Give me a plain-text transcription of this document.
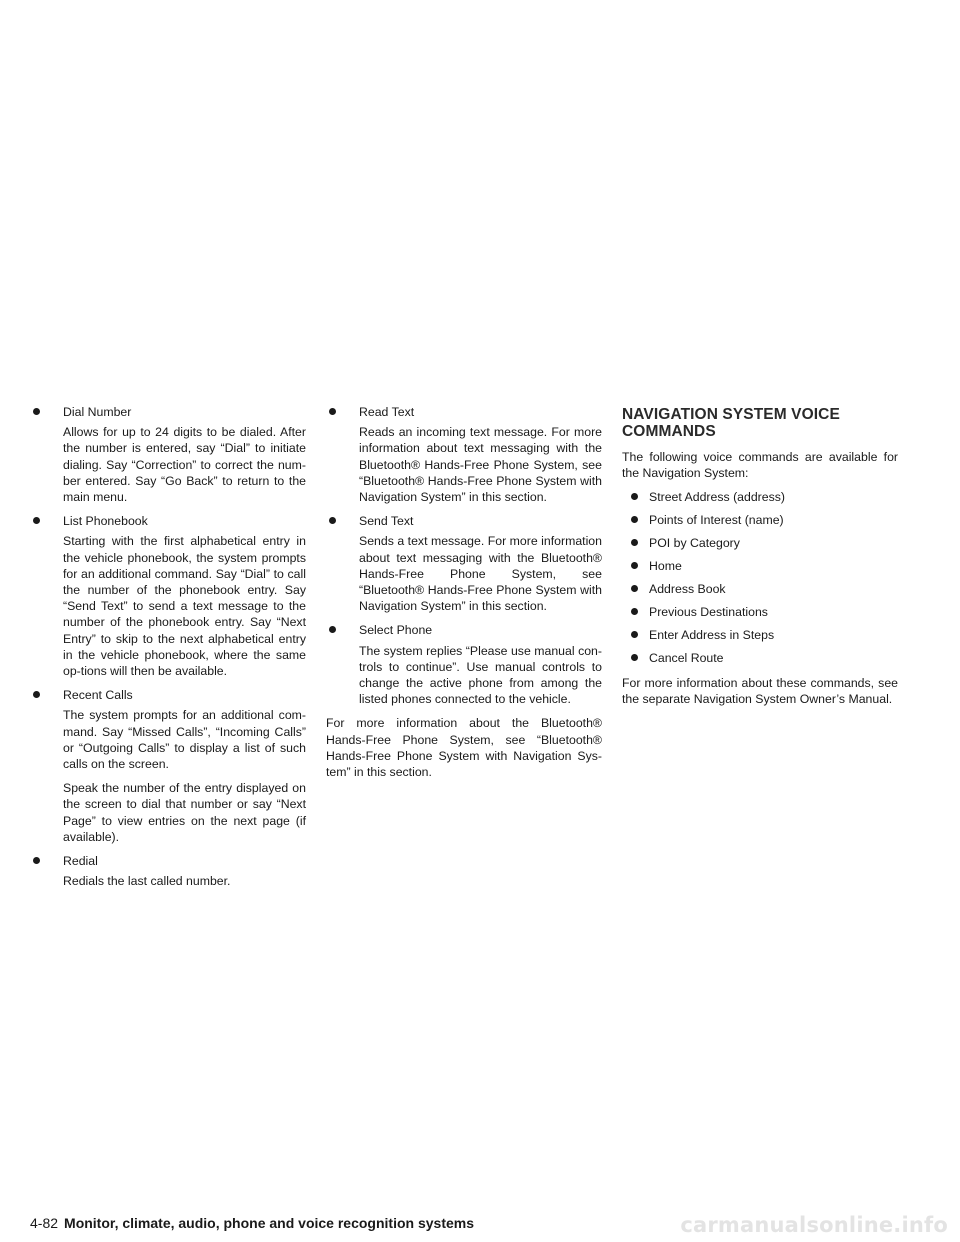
Dial Number
Allows for up to 24 digits to be dialed. After the number is entered, say “Dial” to initiate dialing. Say “Correction” to correct the num-ber entered. Say “Go Back” to return to the main menu.
List Phonebook
Starting with the first alphabetical entry in the vehicle phonebook, the system prompts for an additional command. Say “Dial” to call the number of the phonebook entry. Say “Send Text” to send a text message to the number of the phonebook entry. Say “Next Entry” to skip to the next alphabetical entry in the vehicle phonebook, where the same op-tions will then be available.
Recent Calls
The system prompts for an additional com-mand. Say “Missed Calls”, “Incoming Calls” or “Outgoing Calls” to display a list of such calls on the screen.
Speak the number of the entry displayed on the screen to dial that number or say “Next Page” to view entries on the next page (if available).
Redial
Redials the last called number.
Read Text
Reads an incoming text message. For more information about text messaging with the Bluetooth® Hands-Free Phone System, see “Bluetooth® Hands-Free Phone System with Navigation System” in this section.
Send Text
Sends a text message. For more information about text messaging with the Bluetooth® Hands-Free Phone System, see “Bluetooth® Hands-Free Phone System with Navigation System” in this section.
Select Phone
The system replies “Please use manual con-trols to continue”. Use manual controls to change the active phone from among the listed phones connected to the vehicle.

For more information about the Bluetooth® Hands-Free Phone System, see “Bluetooth® Hands-Free Phone System with Navigation Sys-tem” in this section.

NAVIGATION SYSTEM VOICE COMMANDS

The following voice commands are available for the Navigation System:

Street Address (address)
Points of Interest (name)
POI by Category
Home
Address Book
Previous Destinations
Enter Address in Steps
Cancel Route

For more information about these commands, see the separate Navigation System Owner’s Manual.

4-82 Monitor, climate, audio, phone and voice recognition systems	carmanualsonline.info
